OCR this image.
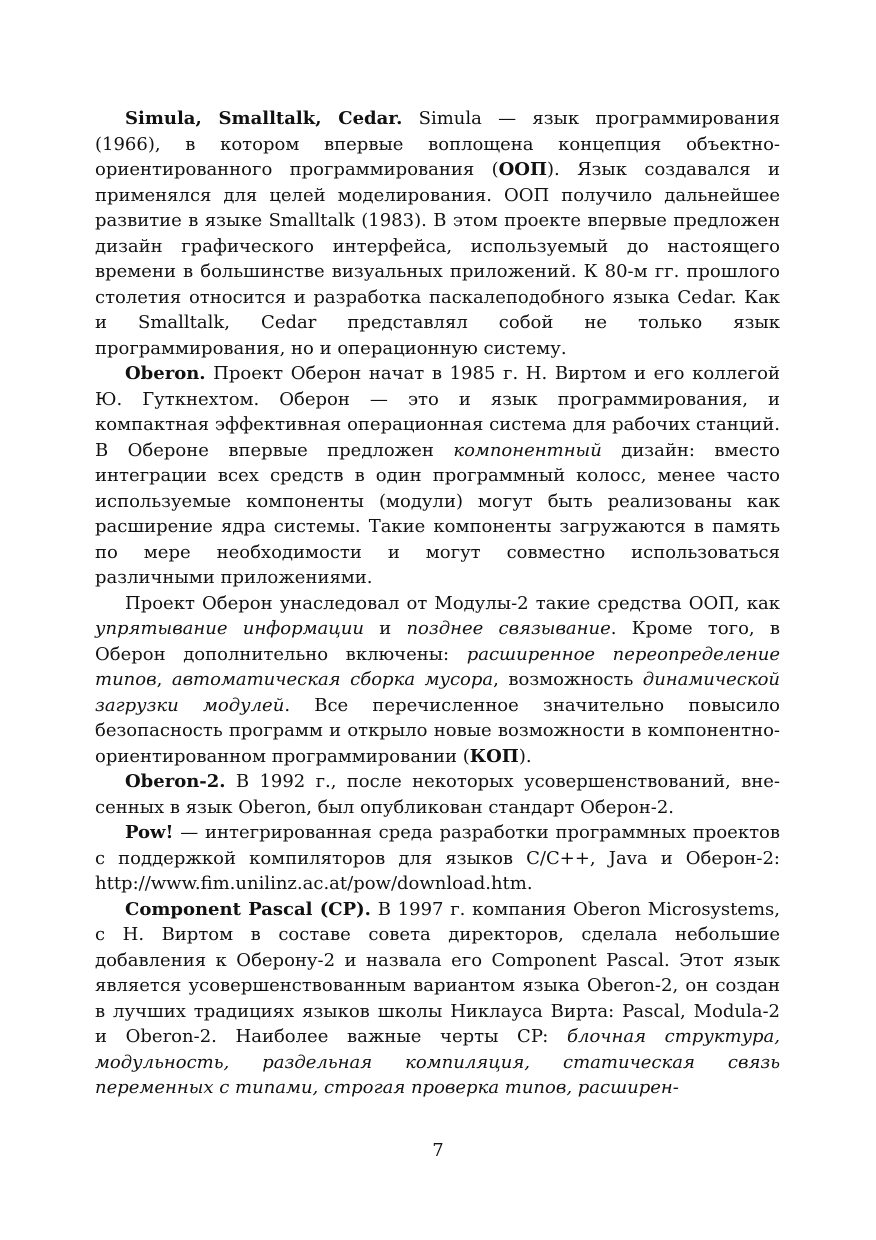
Simula, Smalltalk, Cedar. Simula — язык программирования (1966), в котором впервые воплощена концепция объектно-ориентированного программирования (ООП). Язык создавался и применялся для целей моделирования. ООП получило дальнейшее развитие в языке Smalltalk (1983). В этом проекте впервые предложен дизайн графического интерфейса, используемый до настоящего времени в большинстве визуальных приложений. К 80-м гг. прошлого столетия относится и разработка паскалеподобного языка Cedar. Как и Smalltalk, Cedar представлял собой не только язык программирования, но и операционную систему.

Oberon. Проект Оберон начат в 1985 г. Н. Виртом и его коллегой Ю. Гуткнехтом. Оберон — это и язык программирования, и компактная эффективная операционная система для рабочих станций. В Обероне впервые предложен компонентный дизайн: вместо интеграции всех средств в один программный колосс, менее часто используемые компоненты (модули) могут быть реализованы как расширение ядра системы. Такие компоненты загружаются в память по мере необходимости и могут совместно использоваться различными приложениями.

Проект Оберон унаследовал от Модулы-2 такие средства ООП, как упрятывание информации и позднее связывание. Кроме того, в Оберон дополнительно включены: расширенное переопределение типов, автоматическая сборка мусора, возможность динамической загрузки модулей. Все перечисленное значительно повысило безопасность программ и открыло новые возможности в компонентно-ориентированном программировании (КОП).

Oberon-2. В 1992 г., после некоторых усовершенствований, внесенных в язык Oberon, был опубликован стандарт Оберон-2.

Pow! — интегрированная среда разработки программных проектов с поддержкой компиляторов для языков C/C++, Java и Оберон-2: http://www.fim.unilinz.ac.at/pow/download.htm.

Component Pascal (CP). В 1997 г. компания Oberon Microsystems, с Н. Виртом в составе совета директоров, сделала небольшие добавления к Оберону-2 и назвала его Component Pascal. Этот язык является усовершенствованным вариантом языка Oberon-2, он создан в лучших традициях языков школы Никлауса Вирта: Pascal, Modula-2 и Oberon-2. Наиболее важные черты CP: блочная структура, модульность, раздельная компиляция, статическая связь переменных с типами, строгая проверка типов, расширен-

7
